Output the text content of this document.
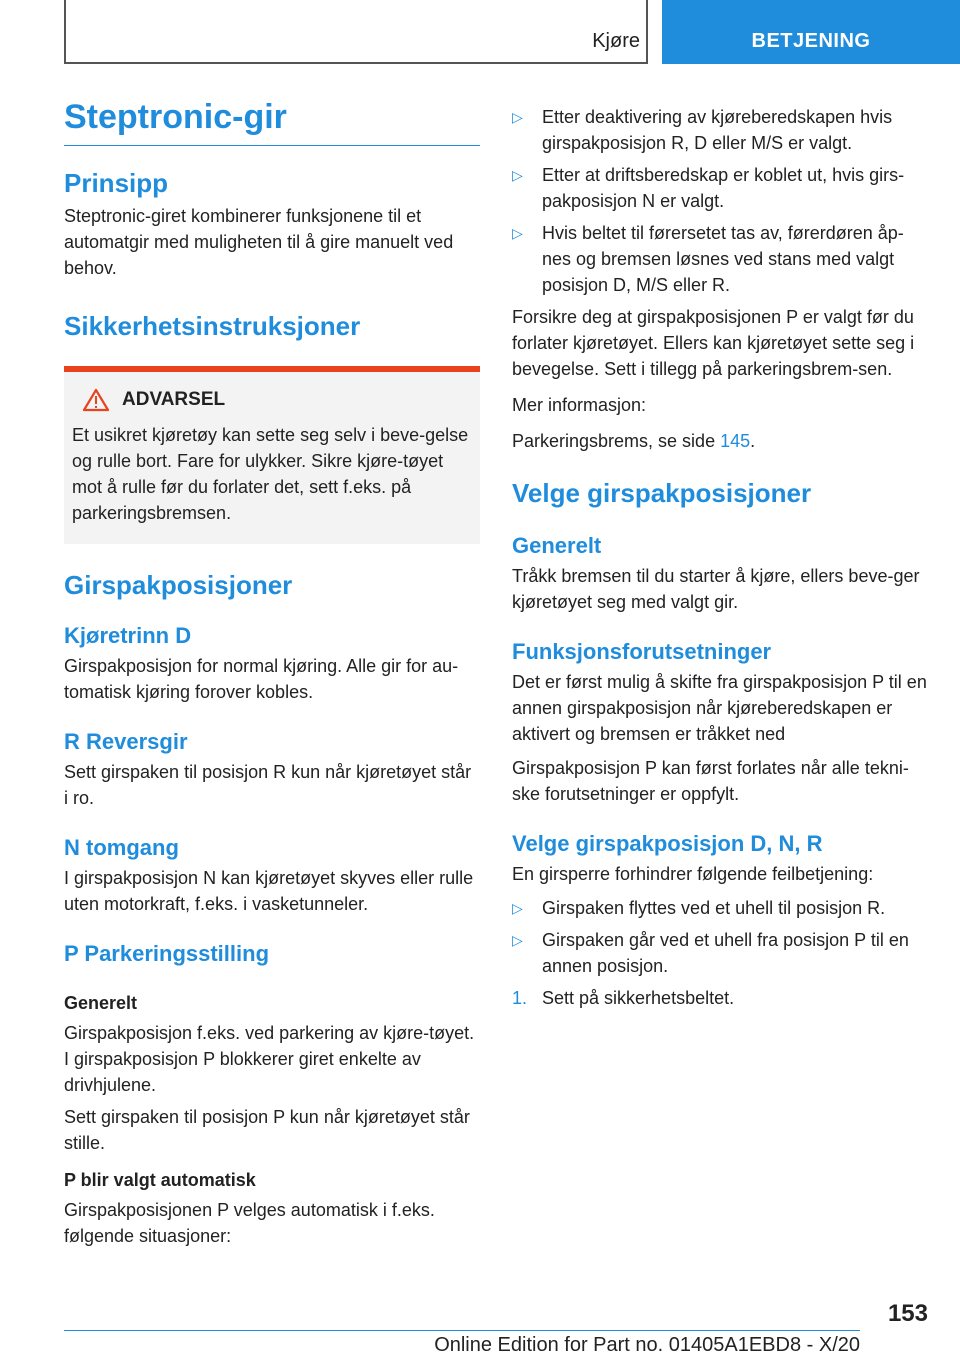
Kjøre	BETJENING
Steptronic-gir
Prinsipp

Steptronic-giret kombinerer funksjonene til et automatgir med muligheten til å gire manuelt ved behov.

Sikkerhetsinstruksjoner
ADVARSEL

Et usikret kjøretøy kan sette seg selv i beve-gelse og rulle bort. Fare for ulykker. Sikre kjøre-tøyet mot å rulle før du forlater det, sett f.eks. på parkeringsbremsen.

Girspakposisjoner
Kjøretrinn D

Girspakposisjon for normal kjøring. Alle gir for au-tomatisk kjøring forover kobles.

R Reversgir

Sett girspaken til posisjon R kun når kjøretøyet står i ro.

N tomgang

I girspakposisjon N kan kjøretøyet skyves eller rulle uten motorkraft, f.eks. i vasketunneler.

P Parkeringsstilling
Generelt

Girspakposisjon f.eks. ved parkering av kjøre-tøyet. I girspakposisjon P blokkerer giret enkelte av drivhjulene.

Sett girspaken til posisjon P kun når kjøretøyet står stille.

P blir valgt automatisk

Girspakposisjonen P velges automatisk i f.eks. følgende situasjoner:

▷	Etter deaktivering av kjøreberedskapen hvis girspakposisjon R, D eller M/S er valgt.
▷	Etter at driftsberedskap er koblet ut, hvis girs-pakposisjon N er valgt.
▷	Hvis beltet til førersetet tas av, førerdøren åp-nes og bremsen løsnes ved stans med valgt posisjon D, M/S eller R.

Forsikre deg at girspakposisjonen P er valgt før du forlater kjøretøyet. Ellers kan kjøretøyet sette seg i bevegelse. Sett i tillegg på parkeringsbrem-sen.

Mer informasjon:

Parkeringsbrems, se side 145.

Velge girspakposisjoner
Generelt

Tråkk bremsen til du starter å kjøre, ellers beve-ger kjøretøyet seg med valgt gir.

Funksjonsforutsetninger

Det er først mulig å skifte fra girspakposisjon P til en annen girspakposisjon når kjøreberedskapen er aktivert og bremsen er tråkket ned

Girspakposisjon P kan først forlates når alle tekni-ske forutsetninger er oppfylt.

Velge girspakposisjon D, N, R

En girsperre forhindrer følgende feilbetjening:

▷	Girspaken flyttes ved et uhell til posisjon R.
▷	Girspaken går ved et uhell fra posisjon P til en annen posisjon.
1. Sett på sikkerhetsbeltet.
153
Online Edition for Part no. 01405A1EBD8 - X/20
